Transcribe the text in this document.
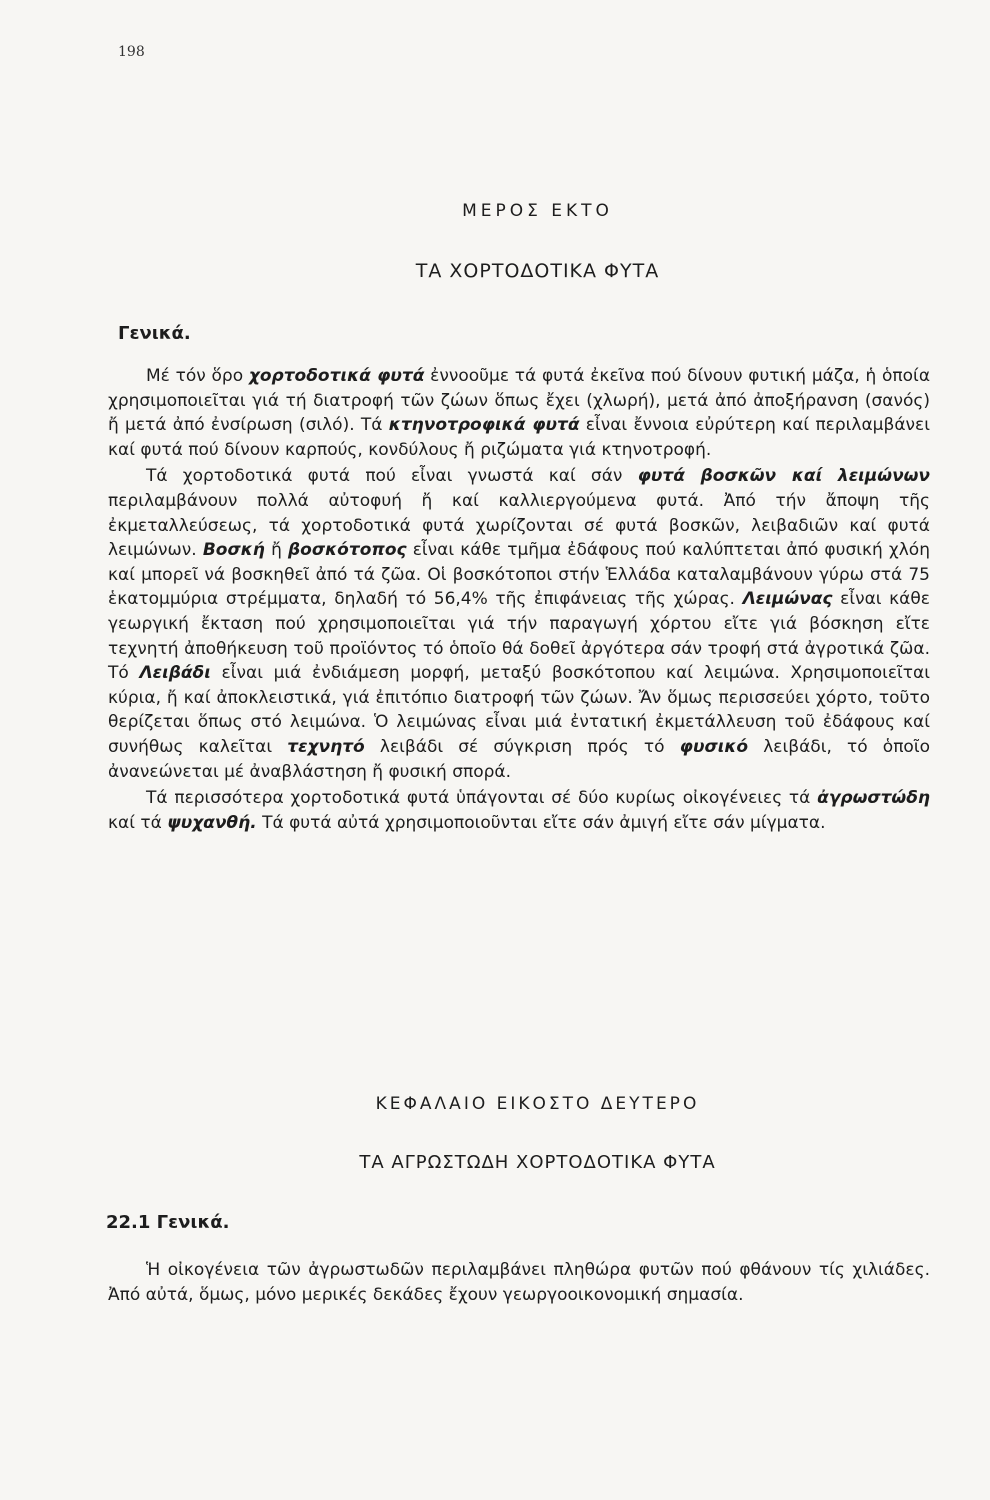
198
ΜΕΡΟΣ ΕΚΤΟ
ΤΑ ΧΟΡΤΟΔΟΤΙΚΑ ΦΥΤΑ
Γενικά.

Μέ τόν ὅρο χορτοδοτικά φυτά ἐννοοῦμε τά φυτά ἐκεῖνα πού δίνουν φυτική μάζα, ἡ ὁποία χρησιμοποιεῖται γιά τή διατροφή τῶν ζώων ὅπως ἔχει (χλωρή), μετά ἀπό ἀποξήρανση (σανός) ἤ μετά ἀπό ἐνσίρωση (σιλό). Τά κτηνοτροφικά φυτά εἶναι ἔννοια εὐρύτερη καί περιλαμβάνει καί φυτά πού δίνουν καρπούς, κονδύλους ἤ ριζώματα γιά κτηνοτροφή.

Τά χορτοδοτικά φυτά πού εἶναι γνωστά καί σάν φυτά βοσκῶν καί λειμώνων περιλαμβάνουν πολλά αὐτοφυή ἤ καί καλλιεργούμενα φυτά. Ἀπό τήν ἄποψη τῆς ἐκμεταλλεύσεως, τά χορτοδοτικά φυτά χωρίζονται σέ φυτά βοσκῶν, λειβαδιῶν καί φυτά λειμώνων. Βοσκή ἤ βοσκότοπος εἶναι κάθε τμῆμα ἐδάφους πού καλύπτεται ἀπό φυσική χλόη καί μπορεῖ νά βοσκηθεῖ ἀπό τά ζῶα. Οἱ βοσκότοποι στήν Ἑλλάδα καταλαμβάνουν γύρω στά 75 ἑκατομμύρια στρέμματα, δηλαδή τό 56,4% τῆς ἐπιφάνειας τῆς χώρας. Λειμώνας εἶναι κάθε γεωργική ἔκταση πού χρησιμοποιεῖται γιά τήν παραγωγή χόρτου εἴτε γιά βόσκηση εἴτε τεχνητή ἀποθήκευση τοῦ προϊόντος τό ὁποῖο θά δοθεῖ ἀργότερα σάν τροφή στά ἀγροτικά ζῶα. Τό Λειβάδι εἶναι μιά ἐνδιάμεση μορφή, μεταξύ βοσκότοπου καί λειμώνα. Χρησιμοποιεῖται κύρια, ἤ καί ἀποκλειστικά, γιά ἐπιτόπιο διατροφή τῶν ζώων. Ἄν ὅμως περισσεύει χόρτο, τοῦτο θερίζεται ὅπως στό λειμώνα. Ὁ λειμώνας εἶναι μιά ἐντατική ἐκμετάλλευση τοῦ ἐδάφους καί συνήθως καλεῖται τεχνητό λειβάδι σέ σύγκριση πρός τό φυσικό λειβάδι, τό ὁποῖο ἀνανεώνεται μέ ἀναβλάστηση ἤ φυσική σπορά.

Τά περισσότερα χορτοδοτικά φυτά ὑπάγονται σέ δύο κυρίως οἰκογένειες τά ἀγρωστώδη καί τά ψυχανθή. Τά φυτά αὐτά χρησιμοποιοῦνται εἴτε σάν ἀμιγή εἴτε σάν μίγματα.

ΚΕΦΑΛΑΙΟ ΕΙΚΟΣΤΟ ΔΕΥΤΕΡΟ
ΤΑ ΑΓΡΩΣΤΩΔΗ ΧΟΡΤΟΔΟΤΙΚΑ ΦΥΤΑ
22.1 Γενικά.

Ἡ οἰκογένεια τῶν ἀγρωστωδῶν περιλαμβάνει πληθώρα φυτῶν πού φθάνουν τίς χιλιάδες. Ἀπό αὐτά, ὅμως, μόνο μερικές δεκάδες ἔχουν γεωργοοικονομική σημασία.
